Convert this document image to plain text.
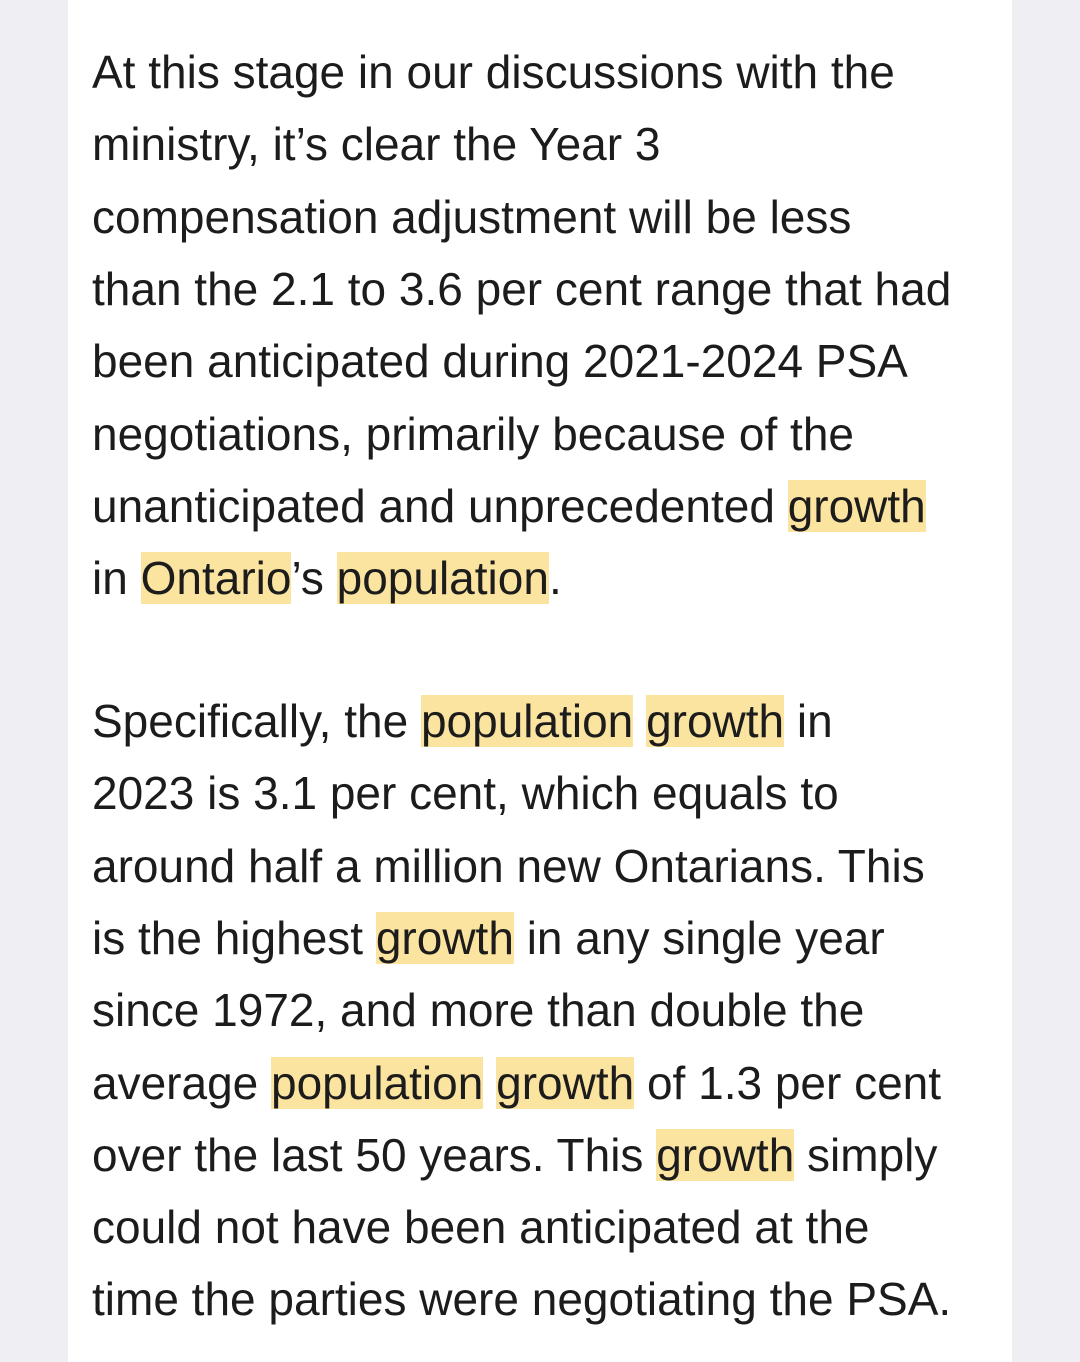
At this stage in our discussions with the
ministry, it’s clear the Year 3
compensation adjustment will be less
than the 2.1 to 3.6 per cent range that had
been anticipated during 2021-2024 PSA
negotiations, primarily because of the
unanticipated and unprecedented growth
in Ontario’s population.
Specifically, the population growth in
2023 is 3.1 per cent, which equals to
around half a million new Ontarians. This
is the highest growth in any single year
since 1972, and more than double the
average population growth of 1.3 per cent
over the last 50 years. This growth simply
could not have been anticipated at the
time the parties were negotiating the PSA.
